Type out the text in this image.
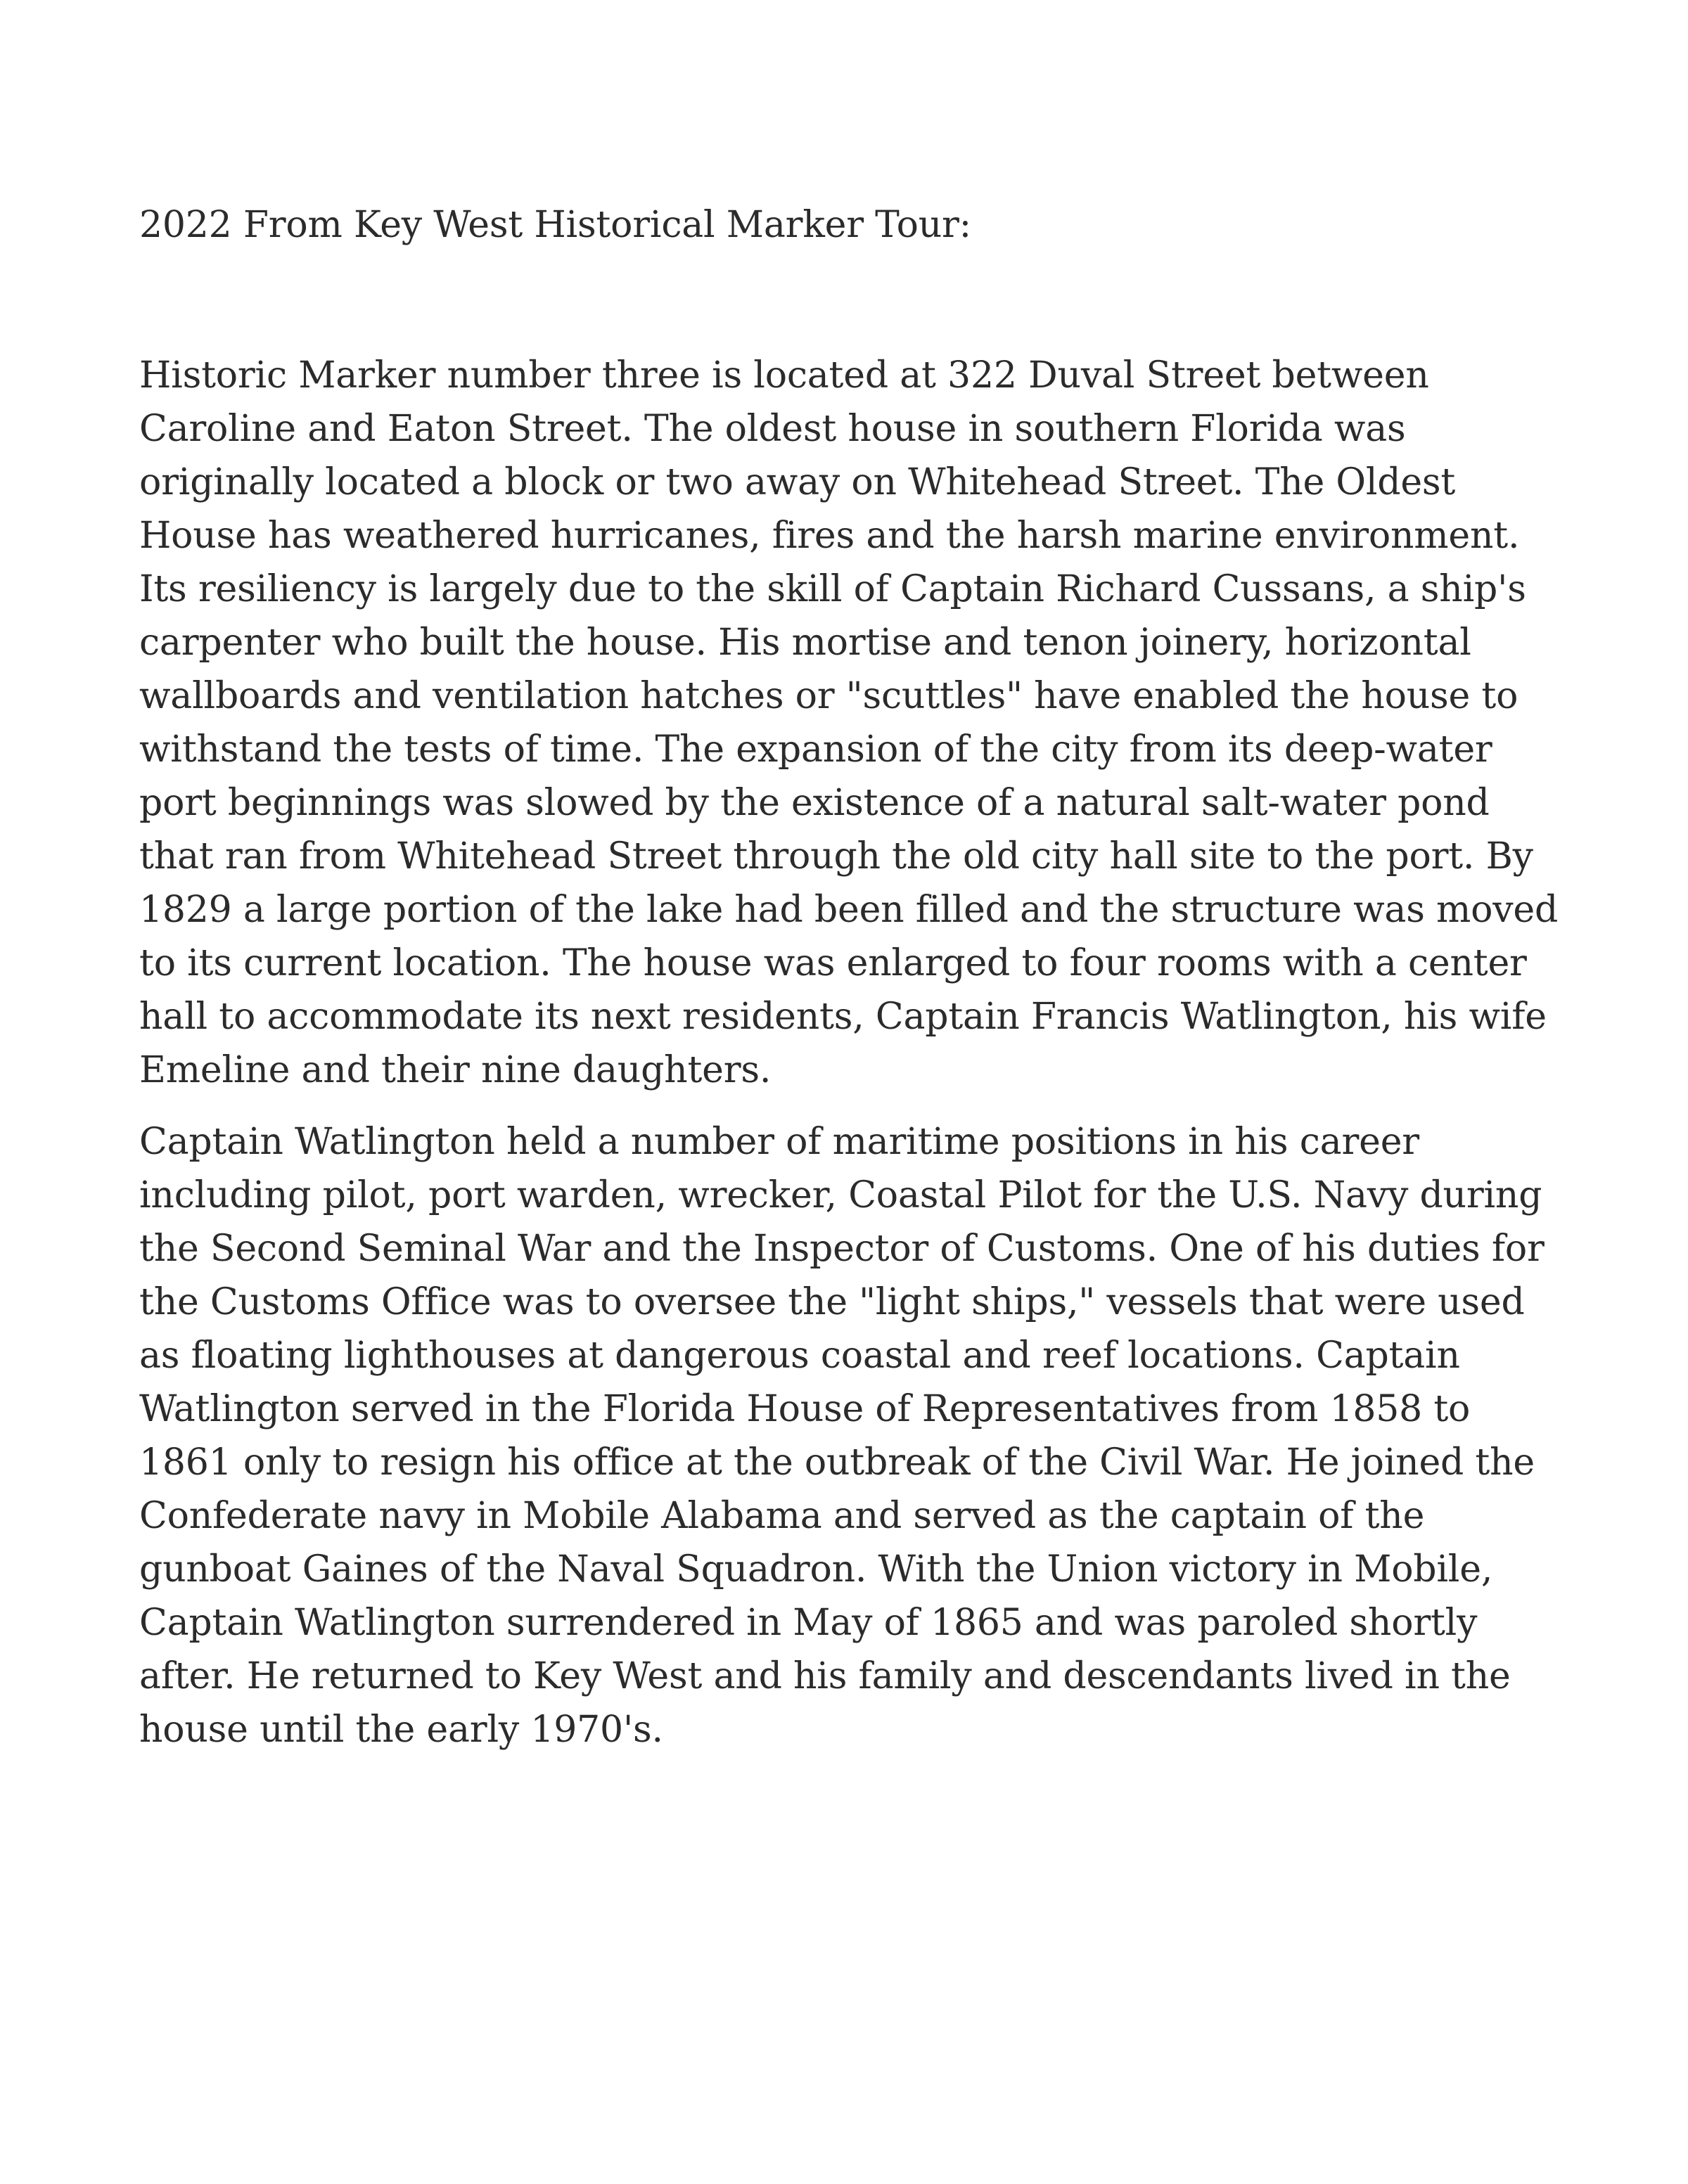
2022 From Key West Historical Marker Tour:

Historic Marker number three is located at 322 Duval Street between Caroline and Eaton Street. The oldest house in southern Florida was originally located a block or two away on Whitehead Street. The Oldest House has weathered hurricanes, fires and the harsh marine environment. Its resiliency is largely due to the skill of Captain Richard Cussans, a ship's carpenter who built the house. His mortise and tenon joinery, horizontal wallboards and ventilation hatches or "scuttles" have enabled the house to withstand the tests of time. The expansion of the city from its deep-water port beginnings was slowed by the existence of a natural salt-water pond that ran from Whitehead Street through the old city hall site to the port. By 1829 a large portion of the lake had been filled and the structure was moved to its current location. The house was enlarged to four rooms with a center hall to accommodate its next residents, Captain Francis Watlington, his wife Emeline and their nine daughters.

Captain Watlington held a number of maritime positions in his career including pilot, port warden, wrecker, Coastal Pilot for the U.S. Navy during the Second Seminal War and the Inspector of Customs. One of his duties for the Customs Office was to oversee the "light ships," vessels that were used as floating lighthouses at dangerous coastal and reef locations. Captain Watlington served in the Florida House of Representatives from 1858 to 1861 only to resign his office at the outbreak of the Civil War. He joined the Confederate navy in Mobile Alabama and served as the captain of the gunboat Gaines of the Naval Squadron. With the Union victory in Mobile, Captain Watlington surrendered in May of 1865 and was paroled shortly after. He returned to Key West and his family and descendants lived in the house until the early 1970's.
